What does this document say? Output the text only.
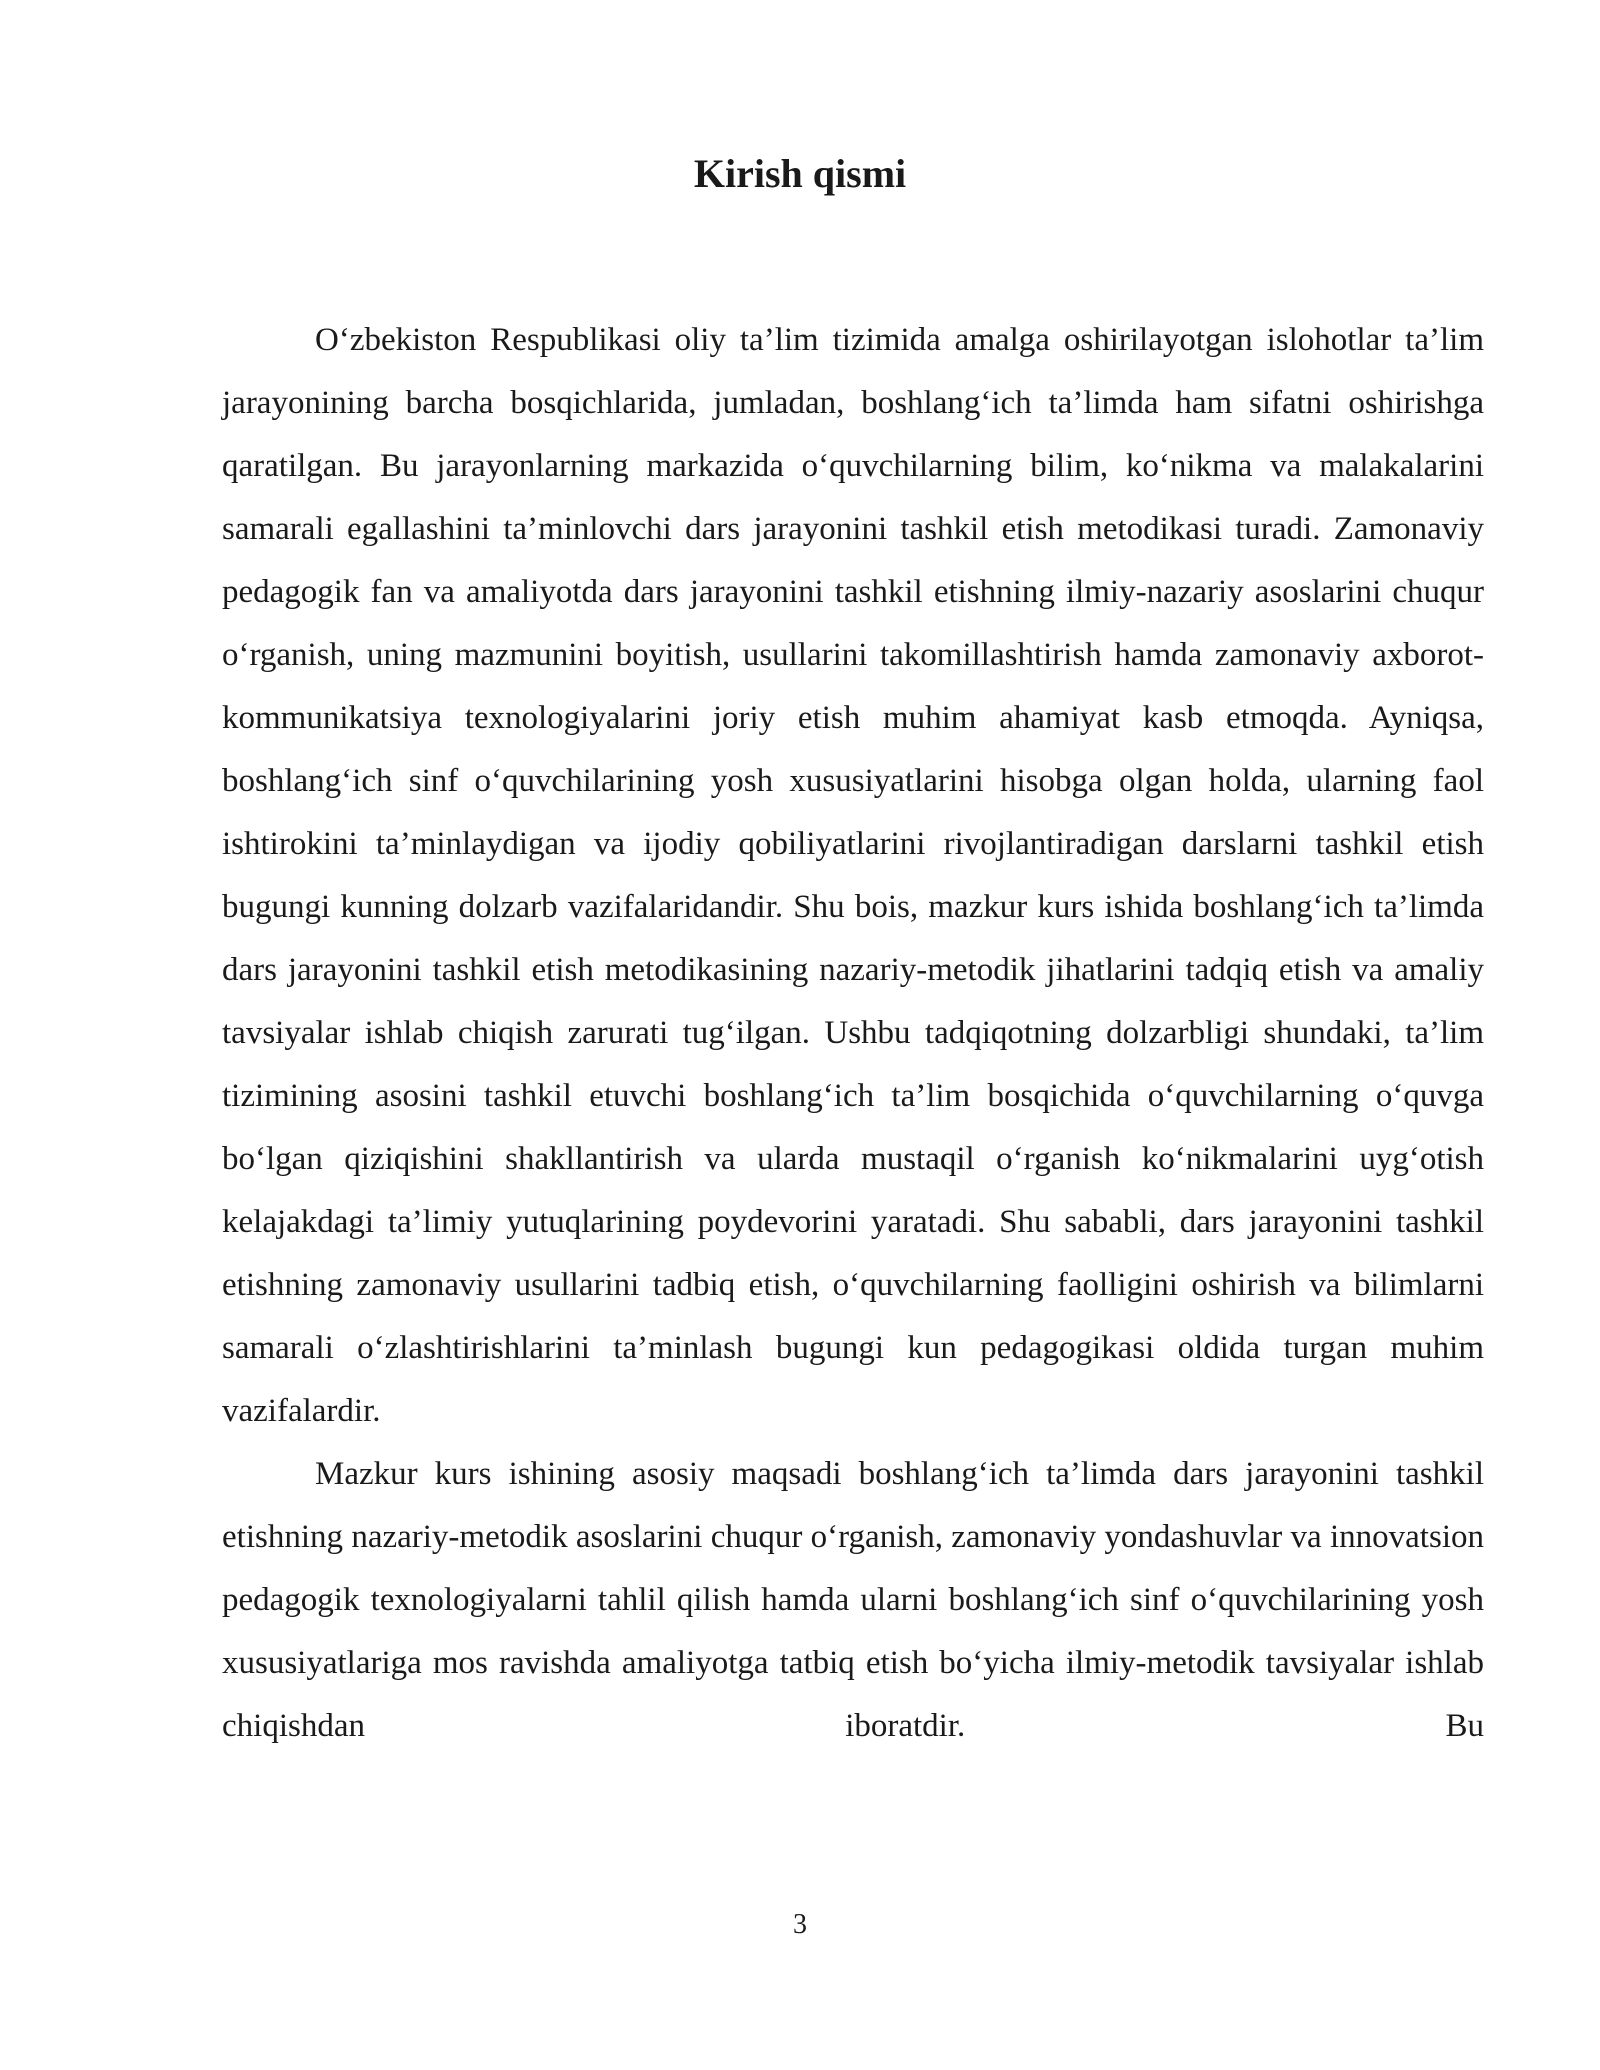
Kirish qismi

O‘zbekiston Respublikasi oliy ta’lim tizimida amalga oshirilayotgan islohotlar ta’lim jarayonining barcha bosqichlarida, jumladan, boshlang‘ich ta’limda ham sifatni oshirishga qaratilgan. Bu jarayonlarning markazida o‘quvchilarning bilim, ko‘nikma va malakalarini samarali egallashini ta’minlovchi dars jarayonini tashkil etish metodikasi turadi. Zamonaviy pedagogik fan va amaliyotda dars jarayonini tashkil etishning ilmiy-nazariy asoslarini chuqur o‘rganish, uning mazmunini boyitish, usullarini takomillashtirish hamda zamonaviy axborot-kommunikatsiya texnologiyalarini joriy etish muhim ahamiyat kasb etmoqda. Ayniqsa, boshlang‘ich sinf o‘quvchilarining yosh xususiyatlarini hisobga olgan holda, ularning faol ishtirokini ta’minlaydigan va ijodiy qobiliyatlarini rivojlantiradigan darslarni tashkil etish bugungi kunning dolzarb vazifalaridandir. Shu bois, mazkur kurs ishida boshlang‘ich ta’limda dars jarayonini tashkil etish metodikasining nazariy-metodik jihatlarini tadqiq etish va amaliy tavsiyalar ishlab chiqish zarurati tug‘ilgan. Ushbu tadqiqotning dolzarbligi shundaki, ta’lim tizimining asosini tashkil etuvchi boshlang‘ich ta’lim bosqichida o‘quvchilarning o‘quvga bo‘lgan qiziqishini shakllantirish va ularda mustaqil o‘rganish ko‘nikmalarini uyg‘otish kelajakdagi ta’limiy yutuqlarining poydevorini yaratadi. Shu sababli, dars jarayonini tashkil etishning zamonaviy usullarini tadbiq etish, o‘quvchilarning faolligini oshirish va bilimlarni samarali o‘zlashtirishlarini ta’minlash bugungi kun pedagogikasi oldida turgan muhim vazifalardir.

Mazkur kurs ishining asosiy maqsadi boshlang‘ich ta’limda dars jarayonini tashkil etishning nazariy-metodik asoslarini chuqur o‘rganish, zamonaviy yondashuvlar va innovatsion pedagogik texnologiyalarni tahlil qilish hamda ularni boshlang‘ich sinf o‘quvchilarining yosh xususiyatlariga mos ravishda amaliyotga tatbiq etish bo‘yicha ilmiy-metodik tavsiyalar ishlab chiqishdan iboratdir. Bu

3
